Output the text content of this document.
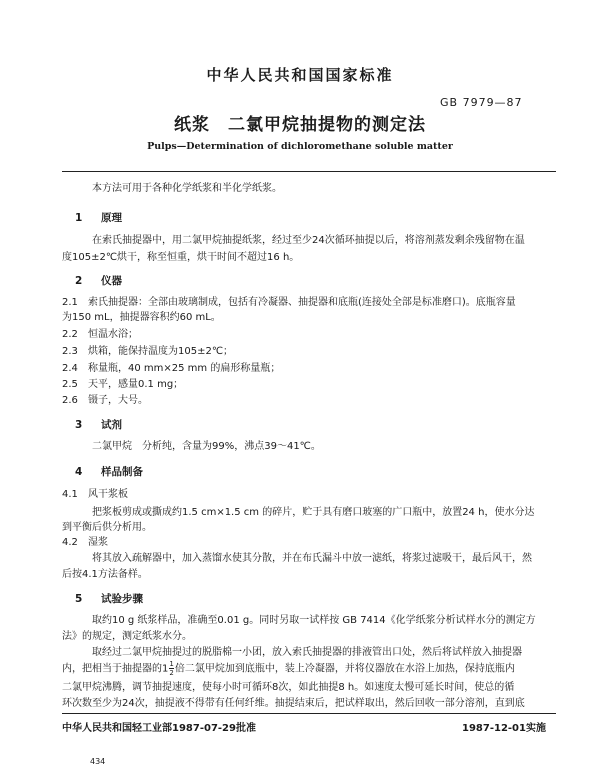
中华人民共和国国家标准
GB 7979—87
纸浆 二氯甲烷抽提物的测定法
Pulps—Determination of dichloromethane soluble matter
本方法可用于各种化学纸浆和半化学纸浆。
1 原理
在索氏抽提器中，用二氯甲烷抽提纸浆，经过至少24次循环抽提以后，将溶剂蒸发剩余残留物在温
度105±2℃烘干，称至恒重，烘干时间不超过16 h。
2 仪器
2.1 索氏抽提器：全部由玻璃制成，包括有冷凝器、抽提器和底瓶(连接处全部是标准磨口)。底瓶容量
为150 mL，抽提器容积约60 mL。
2.2 恒温水浴；
2.3 烘箱，能保持温度为105±2℃；
2.4 称量瓶，40 mm×25 mm 的扁形称量瓶；
2.5 天平，感量0.1 mg；
2.6 镊子，大号。
3 试剂
二氯甲烷　分析纯，含量为99%，沸点39～41℃。
4 样品制备
4.1 风干浆板
把浆板剪成或撕成约1.5 cm×1.5 cm 的碎片，贮于具有磨口玻塞的广口瓶中，放置24 h，使水分达
到平衡后供分析用。
4.2 湿浆
将其放入疏解器中，加入蒸馏水使其分散，并在布氏漏斗中放一滤纸，将浆过滤吸干，最后风干，然
后按4.1方法备样。
5 试验步骤
取约10 g 纸浆样品，准确至0.01 g。同时另取一试样按 GB 7414《化学纸浆分析试样水分的测定方
法》的规定，测定纸浆水分。
取经过二氯甲烷抽提过的脱脂棉一小团，放入索氏抽提器的排液管出口处，然后将试样放入抽提器
内，把相当于抽提器的$1 \frac{1}{2}$ 倍二氯甲烷加到底瓶中，装上冷凝器，并将仪器放在水浴上加热，保持底瓶内
二氯甲烷沸腾，调节抽提速度，使每小时可循环8次，如此抽提8 h。如速度太慢可延长时间，使总的循
环次数至少为24次，抽提液不得带有任何纤维。抽提结束后，把试样取出，然后回收一部分溶剂，直到底
中华人民共和国轻工业部1987-07-29批准	1987-12-01实施
434
